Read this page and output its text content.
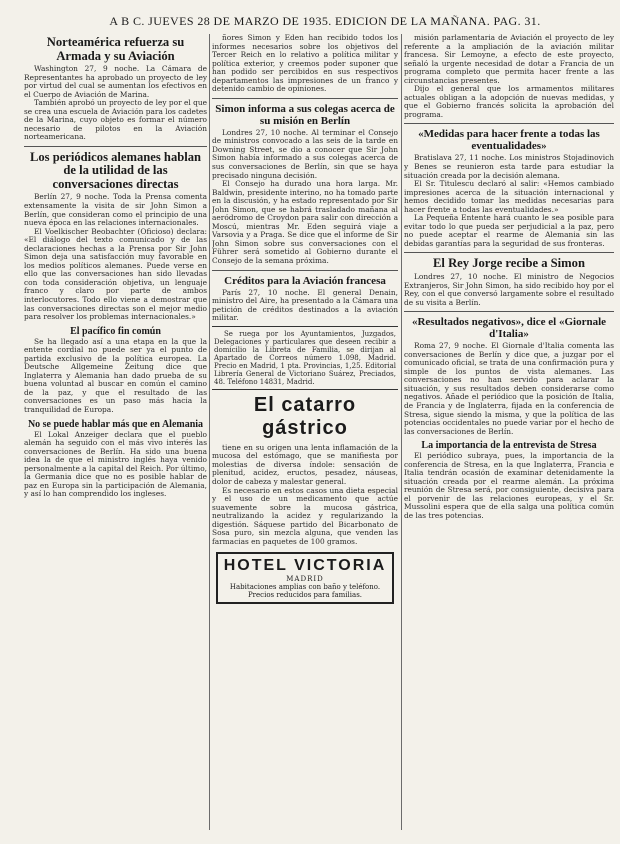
A B C. JUEVES 28 DE MARZO DE 1935. EDICION DE LA MAÑANA. PAG. 31.
Norteamérica refuerza su Armada y su Aviación

Washington 27, 9 noche. La Cámara de Representantes ha aprobado un proyecto de ley por virtud del cual se aumentan los efectivos en el Cuerpo de Aviación de Marina.

También aprobó un proyecto de ley por el que se crea una escuela de Aviación para los cadetes de la Marina, cuyo objeto es formar el número necesario de pilotos en la Aviación norteamericana.

Los periódicos alemanes hablan de la utilidad de las conversaciones directas

Berlín 27, 9 noche. Toda la Prensa comenta extensamente la visita de sir John Simon a Berlín, que consideran como el principio de una nueva época en las relaciones internacionales.

El Voelkischer Beobachter (Oficioso) declara: «El diálogo del texto comunicado y de las declaraciones hechas a la Prensa por Sir John Simon deja una satisfacción muy favorable en los medios políticos alemanes. Puede verse en ello que las conversaciones han sido llevadas con toda consideración objetiva, un lenguaje franco y claro por parte de ambos interlocutores. Todo ello viene a demostrar que las conversaciones directas son el mejor medio para resolver los problemas internacionales.»

El pacífico fin común

Se ha llegado así a una etapa en la que la entente cordial no puede ser ya el punto de partida exclusivo de la política europea. La Deutsche Allgemeine Zeitung dice que Inglaterra y Alemania han dado prueba de su buena voluntad al buscar en común el camino de la paz, y que el resultado de las conversaciones es un paso más hacia la tranquilidad de Europa.

No se puede hablar más que en Alemania

El Lokal Anzeiger declara que el pueblo alemán ha seguido con el más vivo interés las conversaciones de Berlín. Ha sido una buena idea la de que el ministro inglés haya venido personalmente a la capital del Reich. Por último, la Germania dice que no es posible hablar de paz en Europa sin la participación de Alemania, y así lo han comprendido los ingleses.

ñores Simon y Eden han recibido todos los informes necesarios sobre los objetivos del Tercer Reich en lo relativo a política militar y política exterior, y creemos poder suponer que han podido ser percibidos en sus respectivos departamentos las impresiones de un franco y detenido cambio de opiniones.

Simon informa a sus colegas acerca de su misión en Berlín

Londres 27, 10 noche. Al terminar el Consejo de ministros convocado a las seis de la tarde en Downing Street, se dio a conocer que Sir John Simon había informado a sus colegas acerca de sus conversaciones de Berlín, sin que se haya precisado ninguna decisión.

El Consejo ha durado una hora larga. Mr. Baldwin, presidente interino, no ha tomado parte en la discusión, y ha estado representado por Sir John Simon, que se habrá trasladado mañana al aeródromo de Croydon para salir con dirección a Moscú, mientras Mr. Eden seguirá viaje a Varsovia y a Praga. Se dice que el informe de Sir John Simon sobre sus conversaciones con el Führer será sometido al Gobierno durante el Consejo de la semana próxima.

Créditos para la Aviación francesa

París 27, 10 noche. El general Denain, ministro del Aire, ha presentado a la Cámara una petición de créditos destinados a la aviación militar.

Se ruega por los Ayuntamientos, Juzgados, Delegaciones y particulares que deseen recibir a domicilio la Libreta de Familia, se dirijan al Apartado de Correos número 1.098, Madrid. Precio en Madrid, 1 pta. Provincias, 1,25. Editorial Librería General de Victoriano Suárez, Preciados, 48. Teléfono 14831, Madrid.

El catarro gástrico

tiene en su origen una lenta inflamación de la mucosa del estómago, que se manifiesta por molestias de diversa índole: sensación de plenitud, acidez, eructos, pesadez, náuseas, dolor de cabeza y malestar general.

Es necesario en estos casos una dieta especial y el uso de un medicamento que actúe suavemente sobre la mucosa gástrica, neutralizando la acidez y regularizando la digestión. Sáquese partido del Bicarbonato de Sosa puro, sin mezcla alguna, que venden las farmacias en paquetes de 100 gramos.

HOTEL VICTORIA
MADRID
Habitaciones amplias con baño y teléfono. Precios reducidos para familias.

misión parlamentaria de Aviación el proyecto de ley referente a la ampliación de la aviación militar francesa. Sir Lemoyne, a efecto de este proyecto, señaló la urgente necesidad de dotar a Francia de un programa completo que permita hacer frente a las circunstancias presentes.

Dijo el general que los armamentos militares actuales obligan a la adopción de nuevas medidas, y que el Gobierno francés solicita la aprobación del programa.

«Medidas para hacer frente a todas las eventualidades»

Bratislava 27, 11 noche. Los ministros Stojadinovich y Benes se reunieron esta tarde para estudiar la situación creada por la decisión alemana.

El Sr. Titulescu declaró al salir: «Hemos cambiado impresiones acerca de la situación internacional y hemos decidido tomar las medidas necesarias para hacer frente a todas las eventualidades.»

La Pequeña Entente hará cuanto le sea posible para evitar todo lo que pueda ser perjudicial a la paz, pero no puede aceptar el rearme de Alemania sin las debidas garantías para la seguridad de sus fronteras.

El Rey Jorge recibe a Simon

Londres 27, 10 noche. El ministro de Negocios Extranjeros, Sir John Simon, ha sido recibido hoy por el Rey, con el que conversó largamente sobre el resultado de su visita a Berlín.

«Resultados negativos», dice el «Giornale d'Italia»

Roma 27, 9 noche. El Giornale d'Italia comenta las conversaciones de Berlín y dice que, a juzgar por el comunicado oficial, se trata de una confirmación pura y simple de los puntos de vista alemanes. Las conversaciones no han servido para aclarar la situación, y sus resultados deben considerarse como negativos. Añade el periódico que la posición de Italia, de Francia y de Inglaterra, fijada en la conferencia de Stresa, sigue siendo la misma, y que la política de las potencias occidentales no puede variar por el hecho de las conversaciones de Berlín.

La importancia de la entrevista de Stresa

El periódico subraya, pues, la importancia de la conferencia de Stresa, en la que Inglaterra, Francia e Italia tendrán ocasión de examinar detenidamente la situación creada por el rearme alemán. La próxima reunión de Stresa será, por consiguiente, decisiva para el porvenir de las relaciones europeas, y el Sr. Mussolini espera que de ella salga una política común de las tres potencias.
